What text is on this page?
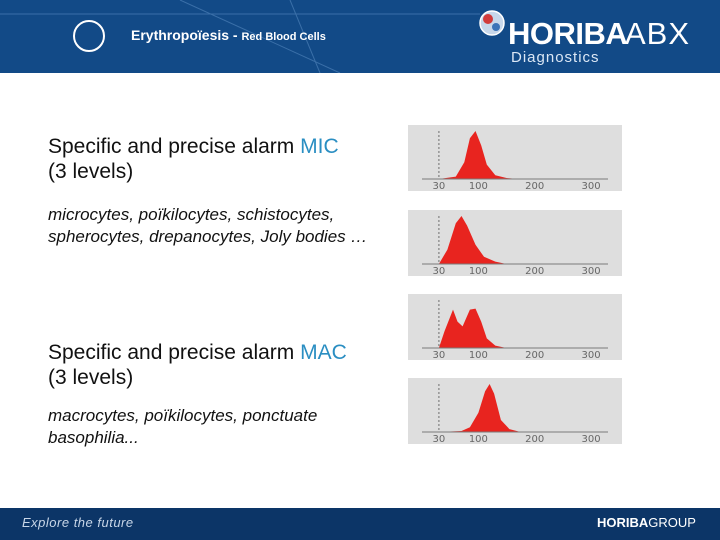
Erythropoïesis - Red Blood Cells	HORIBA
ABX
Diagnostics
Specific and precise alarm MIC
(3 levels)
microcytes, poïkilocytes, schistocytes, spherocytes, drepanocytes, Joly bodies …
Specific and precise alarm MAC
(3 levels)
macrocytes, poïkilocytes, ponctuate basophilia...
30 100	200	300
30 100	200	300
30 100	200	300
30 100	200	300
Explore the future	HORIBAGROUP
